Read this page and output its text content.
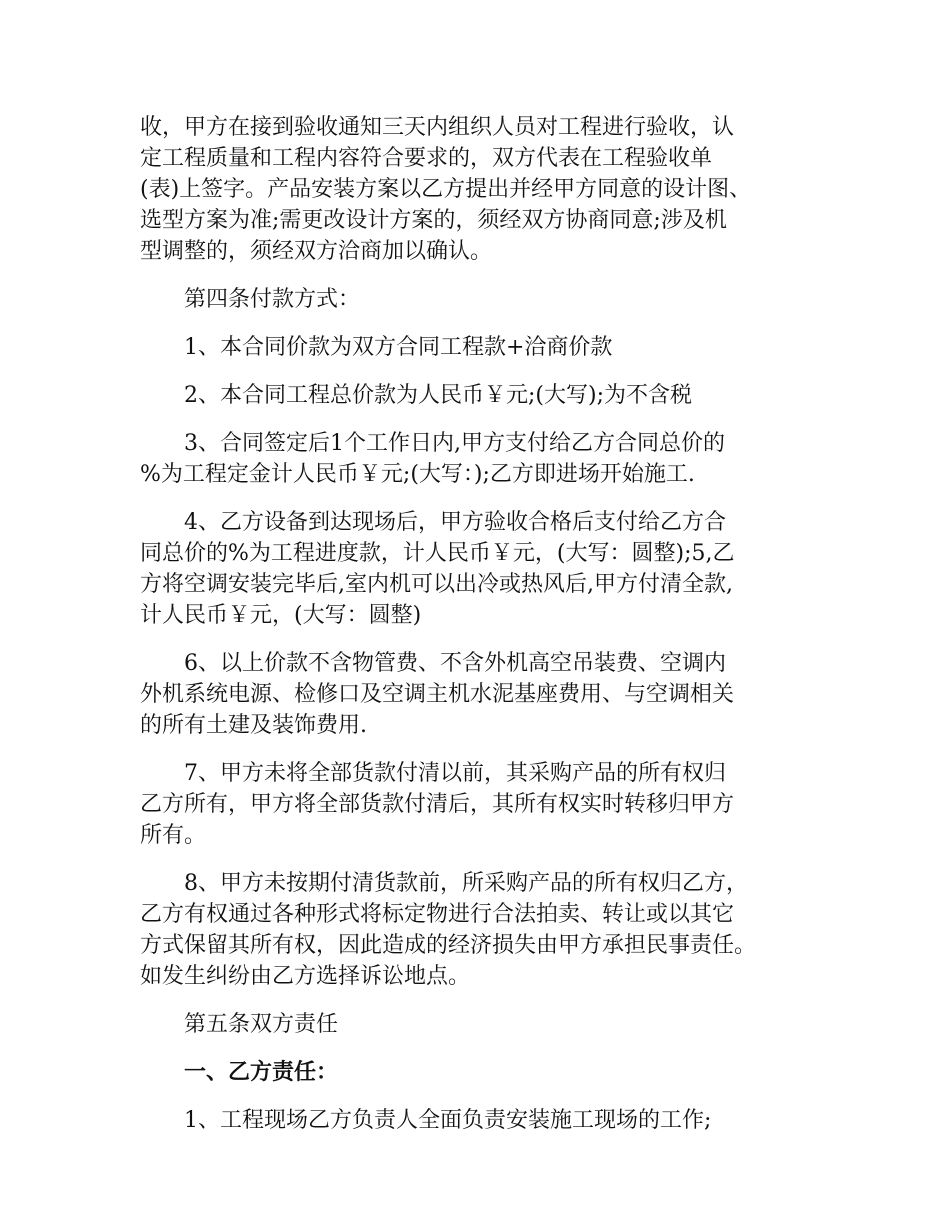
收，甲方在接到验收通知三天内组织人员对工程进行验收，认
定工程质量和工程内容符合要求的，双方代表在工程验收单
(表)上签字。产品安装方案以乙方提出并经甲方同意的设计图、
选型方案为准;需更改设计方案的，须经双方协商同意;涉及机
型调整的，须经双方洽商加以确认。
第四条付款方式：
1、本合同价款为双方合同工程款+洽商价款
2、本合同工程总价款为人民币￥元;(大写);为不含税
3、合同签定后1个工作日内,甲方支付给乙方合同总价的
%为工程定金计人民币￥元;(大写：);乙方即进场开始施工.
4、乙方设备到达现场后，甲方验收合格后支付给乙方合
同总价的%为工程进度款，计人民币￥元，(大写：圆整);5,乙
方将空调安装完毕后,室内机可以出冷或热风后,甲方付清全款,
计人民币￥元，(大写：圆整)
6、以上价款不含物管费、不含外机高空吊装费、空调内
外机系统电源、检修口及空调主机水泥基座费用、与空调相关
的所有土建及装饰费用.
7、甲方未将全部货款付清以前，其采购产品的所有权归
乙方所有，甲方将全部货款付清后，其所有权实时转移归甲方
所有。
8、甲方未按期付清货款前，所采购产品的所有权归乙方，
乙方有权通过各种形式将标定物进行合法拍卖、转让或以其它
方式保留其所有权，因此造成的经济损失由甲方承担民事责任。
如发生纠纷由乙方选择诉讼地点。
第五条双方责任
一、乙方责任：
1、工程现场乙方负责人全面负责安装施工现场的工作;
